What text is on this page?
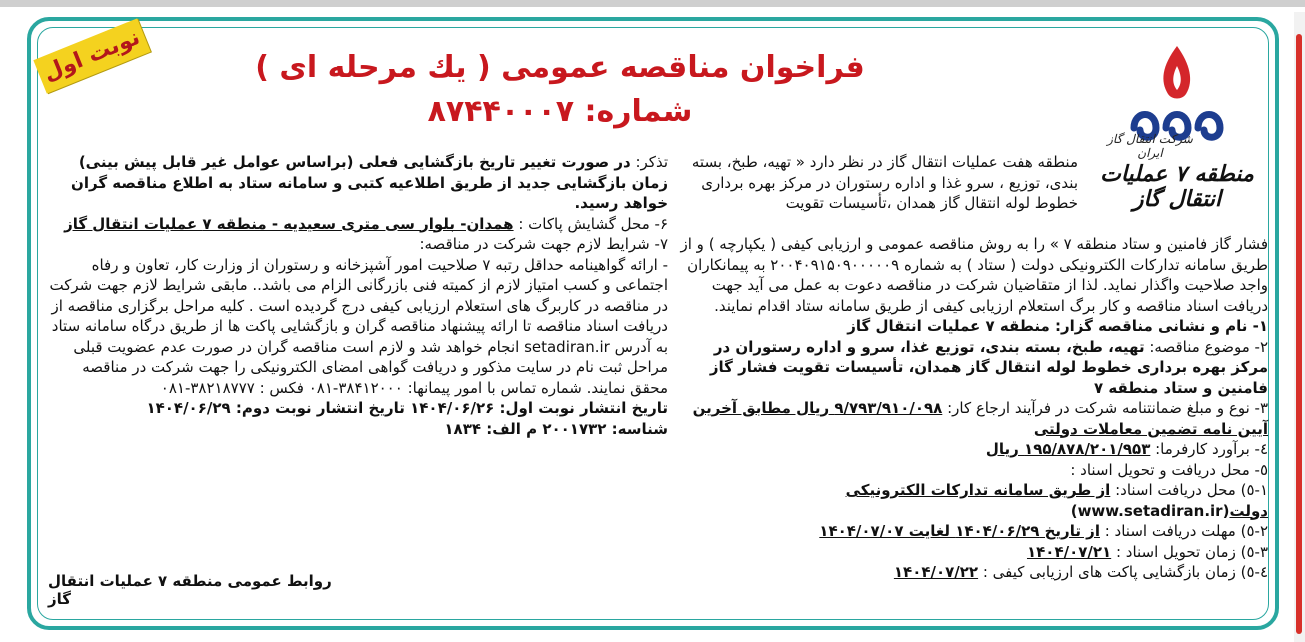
نوبت اول	فراخوان مناقصه عمومی ( یك مرحله ای )
شماره: ۸۷۴۴۰۰۰۷
شرکت انتقال گاز ایران
منطقه ۷ عملیات انتقال گاز

منطقه هفت عملیات انتقال گاز در نظر دارد « تهیه، طبخ، بسته بندی، توزیع ، سرو غذا و اداره رستوران در مرکز بهره برداری خطوط لوله انتقال گاز همدان ،تأسیسات تقویت

فشار گاز فامنین و ستاد منطقه ۷ » را به روش مناقصه عمومی و ارزیابی کیفی ( یکپارچه ) و از طریق سامانه تدارکات الکترونیکی دولت ( ستاد ) به شماره ۲۰۰۴۰۹۱۵۰۹۰۰۰۰۰۹ به پیمانکاران واجد صلاحیت واگذار نماید. لذا از متقاضیان شرکت در مناقصه دعوت به عمل می آید جهت دریافت اسناد مناقصه و کار برگ استعلام ارزیابی کیفی از طریق سامانه ستاد اقدام نمایند.

۱- نام و نشانی مناقصه گزار: منطقه ۷ عملیات انتقال گاز

۲- موضوع مناقصه: تهیه، طبخ، بسته بندی، توزیع غذا، سرو و اداره رستوران در مرکز بهره برداری خطوط لوله انتقال گاز همدان، تأسیسات تقویت فشار گاز فامنین و ستاد منطقه ۷

۳- نوع و مبلغ ضمانتنامه شرکت در فرآیند ارجاع کار: ۹/۷۹۳/۹۱۰/۰۹۸ ریال مطابق آخرین آیین نامه تضمین معاملات دولتی

٤- برآورد کارفرما: ۱۹۵/۸۷۸/۲۰۱/۹۵۳ ریال

٥- محل دریافت و تحویل اسناد :

۱-٥) محل دریافت اسناد: از طریق سامانه تدارکات الکترونیکی دولت(www.setadiran.ir)

۲-٥) مهلت دریافت اسناد : از تاریخ ۱۴۰۴/۰۶/۲۹ لغایت ۱۴۰۴/۰۷/۰۷

۳-٥) زمان تحویل اسناد : ۱۴۰۴/۰۷/۲۱

٤-٥) زمان بازگشایی پاکت های ارزیابی کیفی : ۱۴۰۴/۰۷/۲۲

تذکر: در صورت تغییر تاریخ بازگشایی فعلی (براساس عوامل غیر قابل پیش بینی) زمان بازگشایی جدید از طریق اطلاعیه کتبی و سامانه ستاد به اطلاع مناقصه گران خواهد رسید.

۶- محل گشایش پاکات : همدان- بلوار سی متری سعیدیه - منطقه ۷ عملیات انتقال گاز

۷- شرایط لازم جهت شرکت در مناقصه:

- ارائه گواهینامه حداقل رتبه ۷ صلاحیت امور آشپزخانه و رستوران از وزارت کار، تعاون و رفاه اجتماعی و کسب امتیاز لازم از کمیته فنی بازرگانی الزام می باشد.. مابقی شرایط لازم جهت شرکت در مناقصه در کاربرگ های استعلام ارزیابی کیفی درج گردیده است . کلیه مراحل برگزاری مناقصه از دریافت اسناد مناقصه تا ارائه پیشنهاد مناقصه گران و بازگشایی پاکت ها از طریق درگاه سامانه ستاد به آدرس setadiran.ir انجام خواهد شد و لازم است مناقصه گران در صورت عدم عضویت قبلی مراحل ثبت نام در سایت مذکور و دریافت گواهی امضای الکترونیکی را جهت شرکت در مناقصه محقق نمایند. شماره تماس با امور پیمانها: ۳۸۴۱۲۰۰۰-۰۸۱ فکس : ۳۸۲۱۸۷۷۷-۰۸۱

تاریخ انتشار نوبت اول: ۱۴۰۴/۰۶/۲۶ تاریخ انتشار نوبت دوم: ۱۴۰۴/۰۶/۲۹

شناسه: ۲۰۰۱۷۳۲ م الف: ۱۸۳۴

روابط عمومی منطقه ۷ عملیات انتقال گاز
